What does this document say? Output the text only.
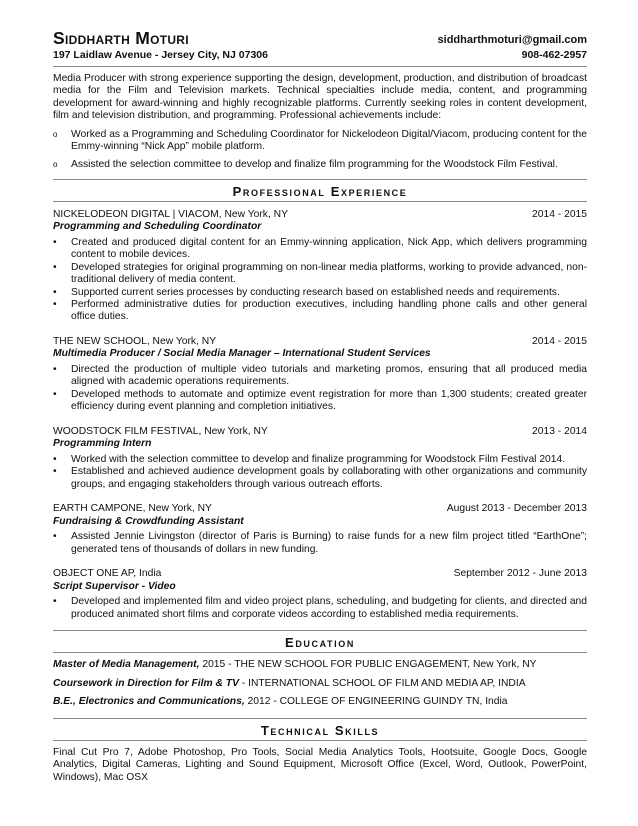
Siddharth Moturi	siddharthmoturi@gmail.com
197 Laidlaw Avenue - Jersey City, NJ 07306	908-462-2957
Media Producer with strong experience supporting the design, development, production, and distribution of broadcast media for the Film and Television markets. Technical specialties include media, content, and programming development for award-winning and highly recognizable platforms. Currently seeking roles in content development, film and television distribution, and programming. Professional achievements include:
o	Worked as a Programming and Scheduling Coordinator for Nickelodeon Digital/Viacom, producing content for the Emmy-winning “Nick App” mobile platform.
o	Assisted the selection committee to develop and finalize film programming for the Woodstock Film Festival.
Professional Experience
NICKELODEON DIGITAL | VIACOM, New York, NY	2014 - 2015
Programming and Scheduling Coordinator
•	Created and produced digital content for an Emmy-winning application, Nick App, which delivers programming content to mobile devices.
•	Developed strategies for original programming on non-linear media platforms, working to provide advanced, non-traditional delivery of media content.
•	Supported current series processes by conducting research based on established needs and requirements.
•	Performed administrative duties for production executives, including handling phone calls and other general office duties.
THE NEW SCHOOL, New York, NY	2014 - 2015
Multimedia Producer / Social Media Manager – International Student Services
•	Directed the production of multiple video tutorials and marketing promos, ensuring that all produced media aligned with academic operations requirements.
•	Developed methods to automate and optimize event registration for more than 1,300 students; created greater efficiency during event planning and completion initiatives.
WOODSTOCK FILM FESTIVAL, New York, NY	2013 - 2014
Programming Intern
•	Worked with the selection committee to develop and finalize programming for Woodstock Film Festival 2014.
•	Established and achieved audience development goals by collaborating with other organizations and community groups, and engaging stakeholders through various outreach efforts.
EARTH CAMPONE, New York, NY	August 2013 - December 2013
Fundraising & Crowdfunding Assistant
•	Assisted Jennie Livingston (director of Paris is Burning) to raise funds for a new film project titled “EarthOne”; generated tens of thousands of dollars in new funding.
OBJECT ONE AP, India	September 2012 - June 2013
Script Supervisor - Video
•	Developed and implemented film and video project plans, scheduling, and budgeting for clients, and directed and produced animated short films and corporate videos according to established media requirements.
Education
Master of Media Management, 2015 - THE NEW SCHOOL FOR PUBLIC ENGAGEMENT, New York, NY
Coursework in Direction for Film & TV - INTERNATIONAL SCHOOL OF FILM AND MEDIA AP, INDIA
B.E., Electronics and Communications, 2012 - COLLEGE OF ENGINEERING GUINDY TN, India
Technical Skills
Final Cut Pro 7, Adobe Photoshop, Pro Tools, Social Media Analytics Tools, Hootsuite, Google Docs, Google Analytics, Digital Cameras, Lighting and Sound Equipment, Microsoft Office (Excel, Word, Outlook, PowerPoint, Windows), Mac OSX
